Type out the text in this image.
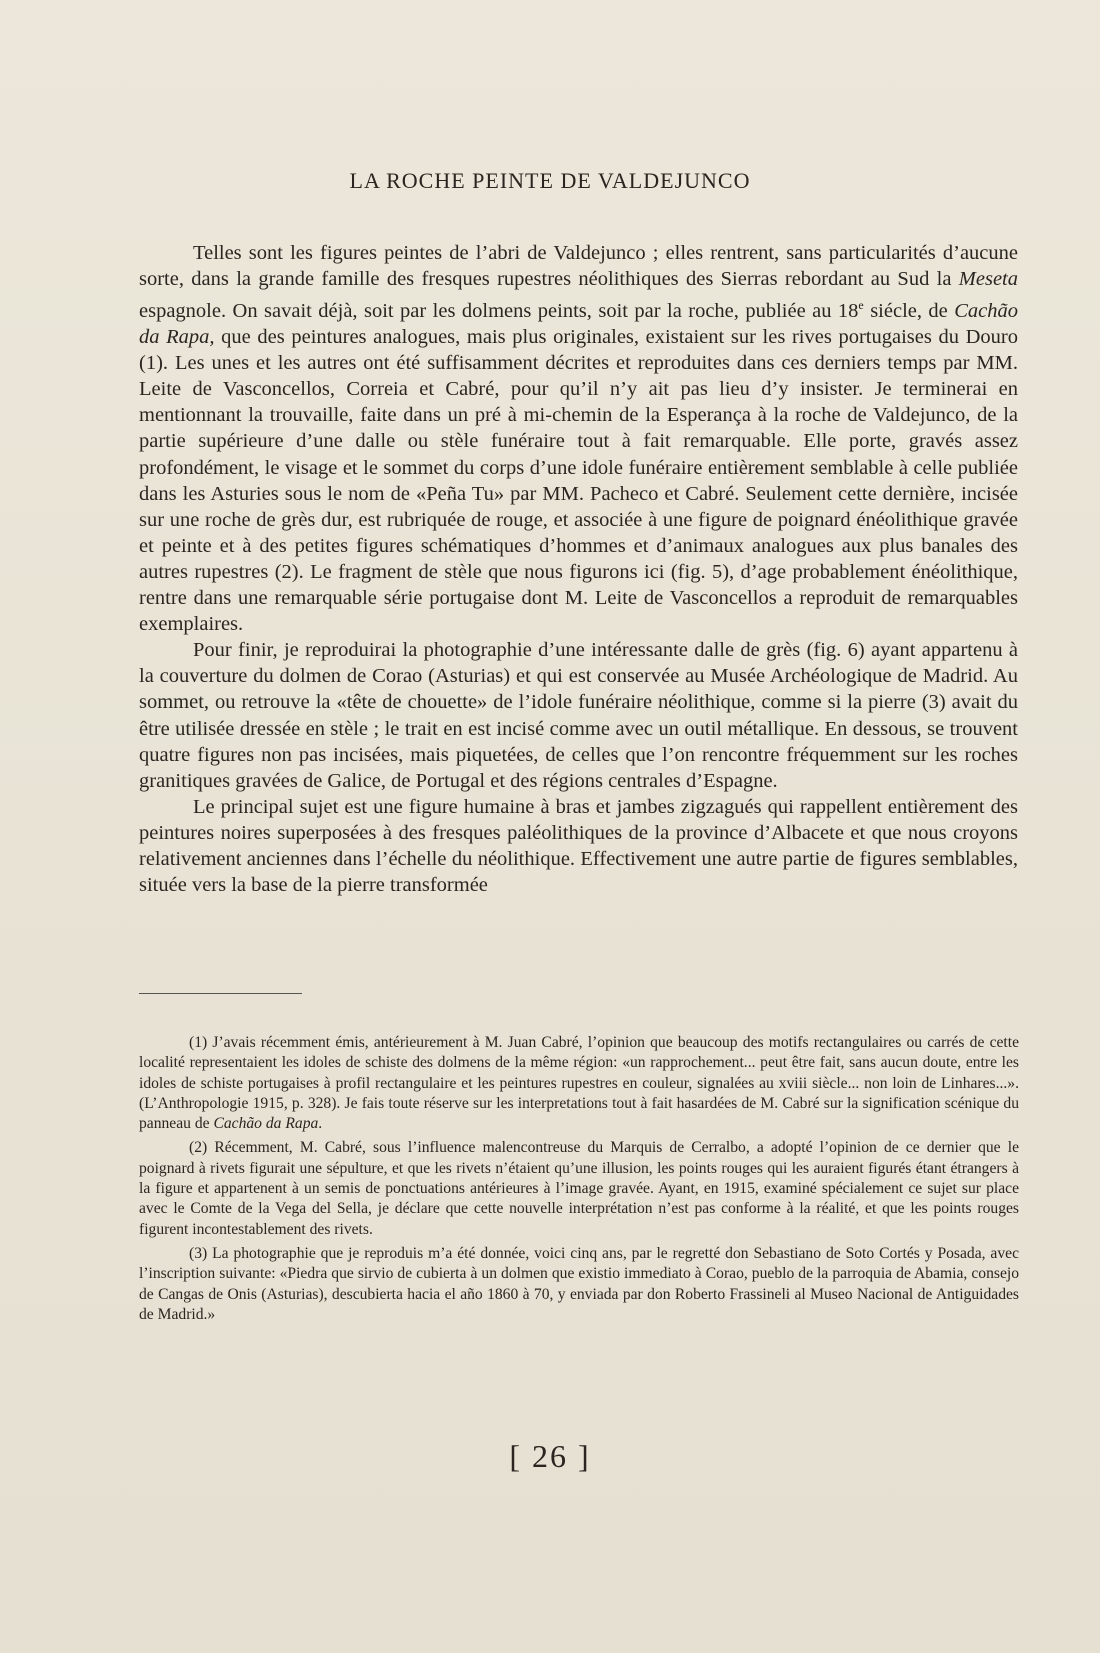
LA ROCHE PEINTE DE VALDEJUNCO

Telles sont les figures peintes de l’abri de Valdejunco ; elles rentrent, sans particularités d’aucune sorte, dans la grande famille des fresques rupestres néolithiques des Sierras rebordant au Sud la Meseta espagnole. On savait déjà, soit par les dolmens peints, soit par la roche, publiée au 18e siécle, de Cachão da Rapa, que des peintures analogues, mais plus originales, existaient sur les rives portugaises du Douro (1). Les unes et les autres ont été suffisamment décrites et reproduites dans ces derniers temps par MM. Leite de Vasconcellos, Correia et Cabré, pour qu’il n’y ait pas lieu d’y insister. Je terminerai en mentionnant la trouvaille, faite dans un pré à mi-chemin de la Esperança à la roche de Valdejunco, de la partie supérieure d’une dalle ou stèle funéraire tout à fait remarquable. Elle porte, gravés assez profondément, le visage et le sommet du corps d’une idole funéraire entièrement semblable à celle publiée dans les Asturies sous le nom de «Peña Tu» par MM. Pacheco et Cabré. Seulement cette dernière, incisée sur une roche de grès dur, est rubriquée de rouge, et associée à une figure de poignard énéolithique gravée et peinte et à des petites figures schématiques d’hommes et d’animaux analogues aux plus banales des autres rupestres (2). Le fragment de stèle que nous figurons ici (fig. 5), d’age probablement énéolithique, rentre dans une remarquable série portugaise dont M. Leite de Vasconcellos a reproduit de remarquables exemplaires.

Pour finir, je reproduirai la photographie d’une intéressante dalle de grès (fig. 6) ayant appartenu à la couverture du dolmen de Corao (Asturias) et qui est conservée au Musée Archéologique de Madrid. Au sommet, ou retrouve la «tête de chouette» de l’idole funéraire néolithique, comme si la pierre (3) avait du être utilisée dressée en stèle ; le trait en est incisé comme avec un outil métallique. En dessous, se trouvent quatre figures non pas incisées, mais piquetées, de celles que l’on rencontre fréquemment sur les roches granitiques gravées de Galice, de Portugal et des régions centrales d’Espagne.

Le principal sujet est une figure humaine à bras et jambes zigzagués qui rappellent entièrement des peintures noires superposées à des fresques paléolithiques de la province d’Albacete et que nous croyons relativement anciennes dans l’échelle du néolithique. Effectivement une autre partie de figures semblables, située vers la base de la pierre transformée

(1) J’avais récemment émis, antérieurement à M. Juan Cabré, l’opinion que beaucoup des motifs rectangulaires ou carrés de cette localité representaient les idoles de schiste des dolmens de la même région: «un rapprochement... peut être fait, sans aucun doute, entre les idoles de schiste portugaises à profil rectangulaire et les peintures rupestres en couleur, signalées au xviii siècle... non loin de Linhares...». (L’Anthropologie 1915, p. 328). Je fais toute réserve sur les interpretations tout à fait hasardées de M. Cabré sur la signification scénique du panneau de Cachão da Rapa.

(2) Récemment, M. Cabré, sous l’influence malencontreuse du Marquis de Cerralbo, a adopté l’opinion de ce dernier que le poignard à rivets figurait une sépulture, et que les rivets n’étaient qu’une illusion, les points rouges qui les auraient figurés étant étrangers à la figure et appartenent à un semis de ponctuations antérieures à l’image gravée. Ayant, en 1915, examiné spécialement ce sujet sur place avec le Comte de la Vega del Sella, je déclare que cette nouvelle interprétation n’est pas conforme à la réalité, et que les points rouges figurent incontestablement des rivets.

(3) La photographie que je reproduis m’a été donnée, voici cinq ans, par le regretté don Sebastiano de Soto Cortés y Posada, avec l’inscription suivante: «Piedra que sirvio de cubierta à un dolmen que existio immediato à Corao, pueblo de la parroquia de Abamia, consejo de Cangas de Onis (Asturias), descubierta hacia el año 1860 à 70, y enviada par don Roberto Frassineli al Museo Nacional de Antiguidades de Madrid.»

[ 26 ]
